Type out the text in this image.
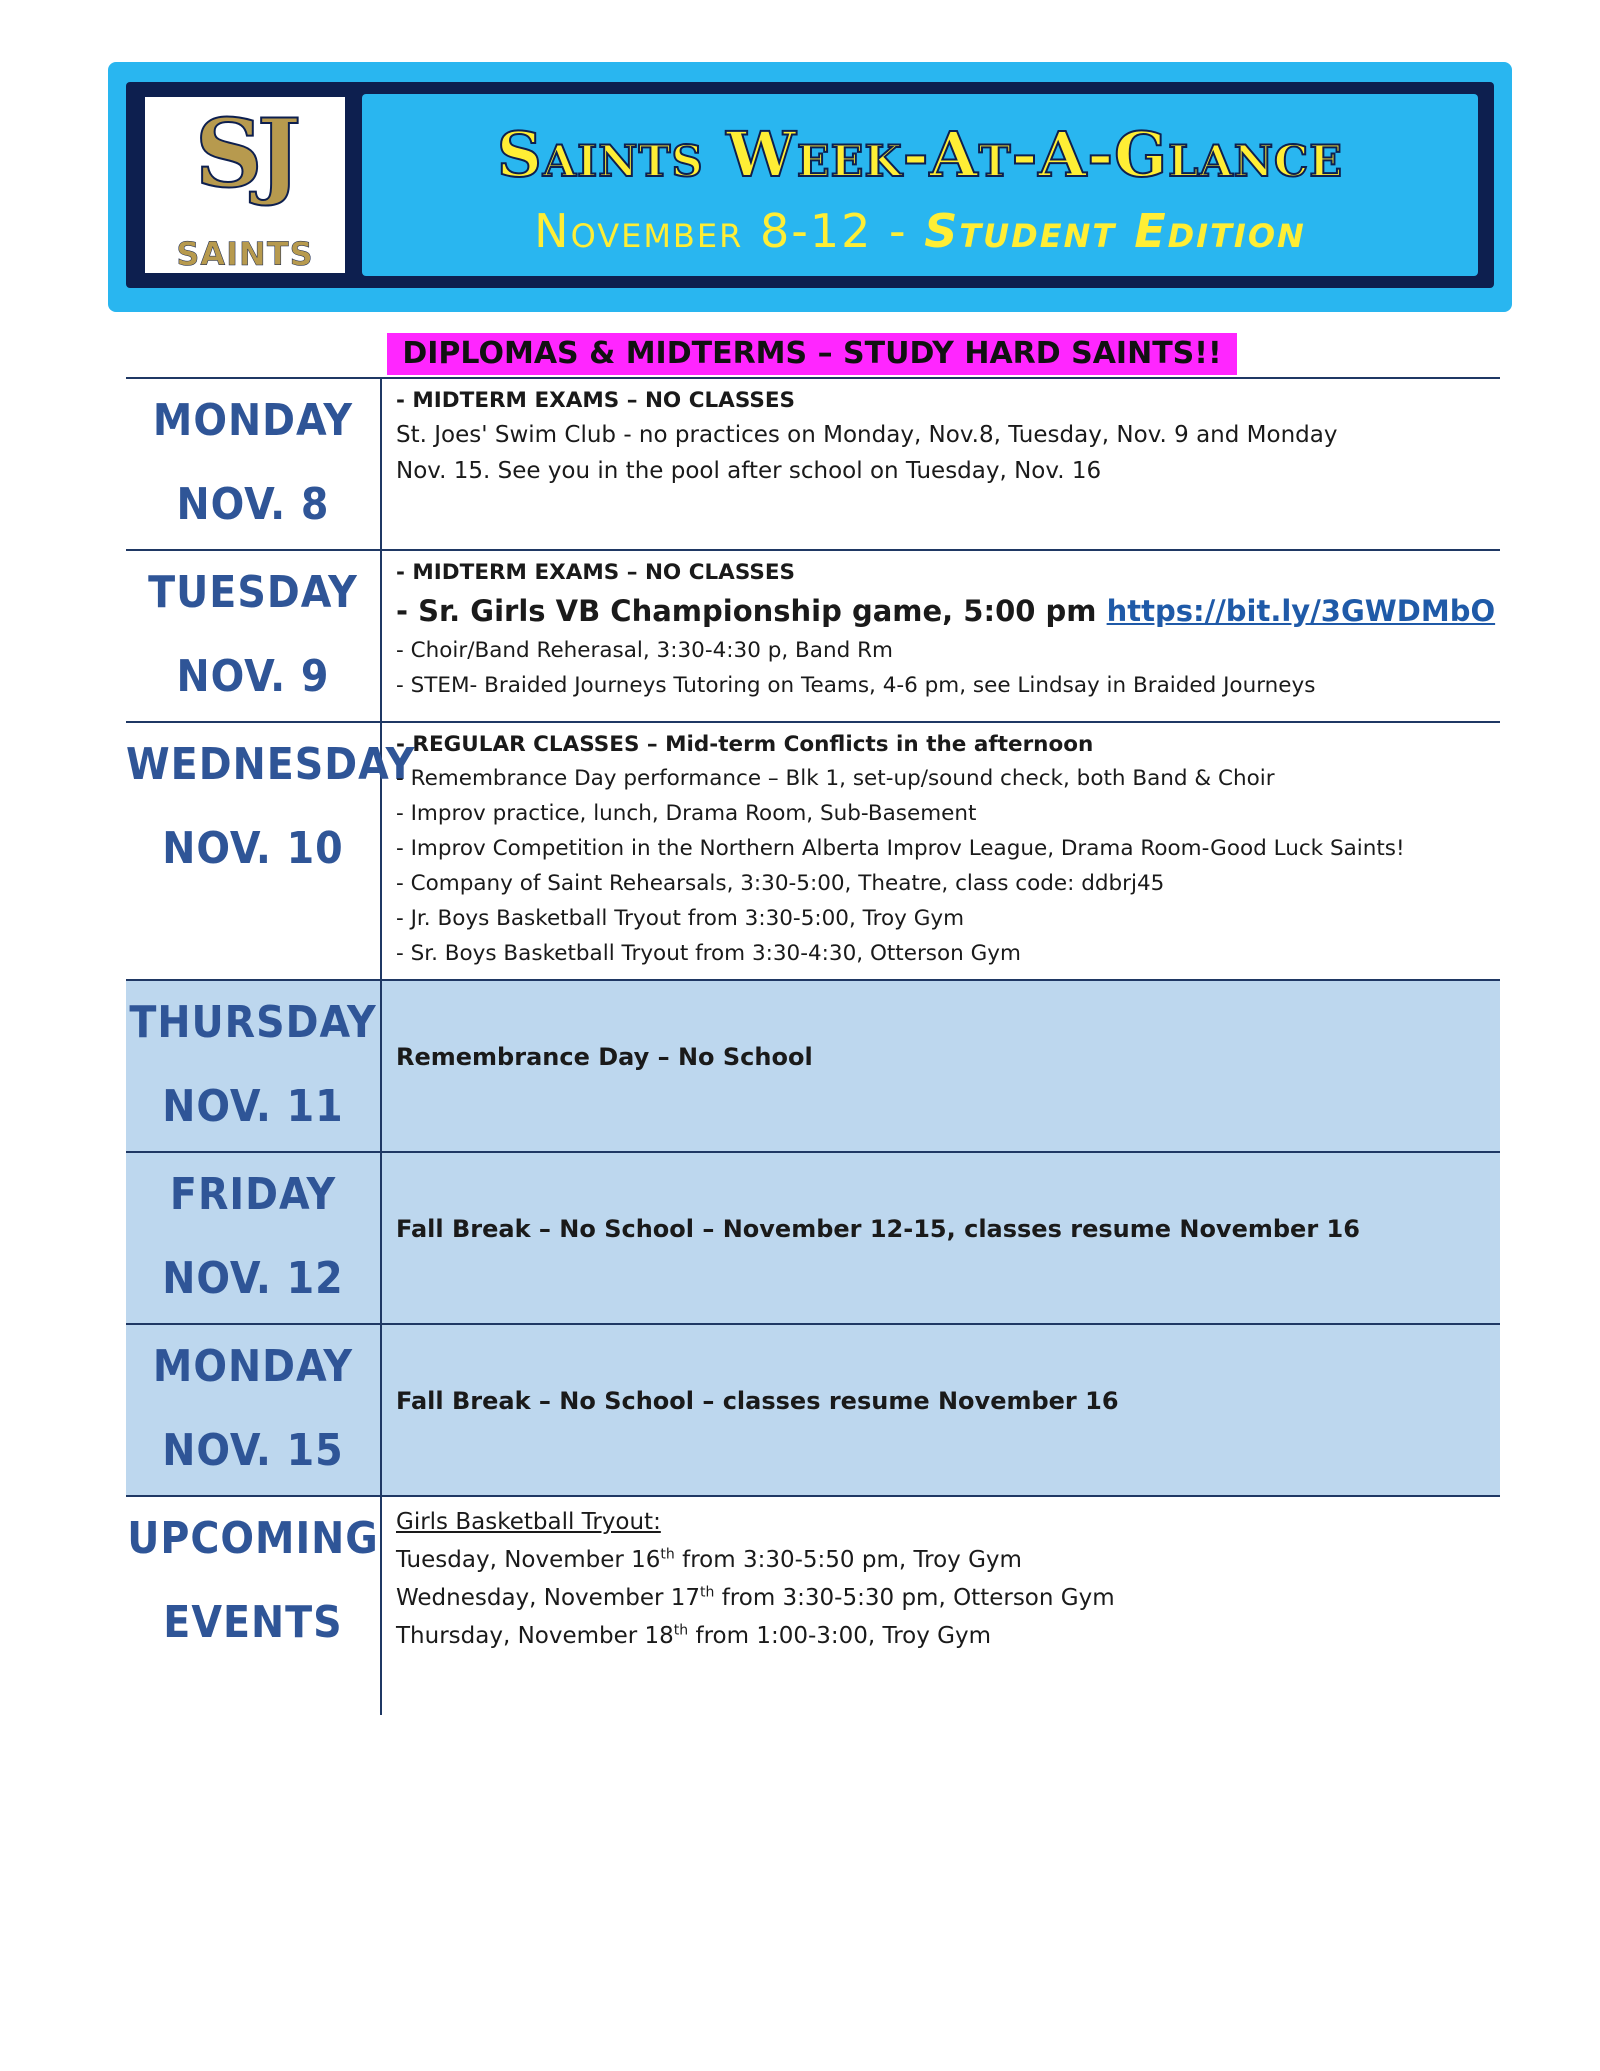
SJ
SAINTS
Saints Week-At-A-Glance
November 8-12 - Student Edition
DIPLOMAS & MIDTERMS – STUDY HARD SAINTS!!
MONDAY
NOV. 8
- MIDTERM EXAMS – NO CLASSES
St. Joes' Swim Club - no practices on Monday, Nov.8, Tuesday, Nov. 9 and Monday
Nov. 15. See you in the pool after school on Tuesday, Nov. 16
TUESDAY
NOV. 9
- MIDTERM EXAMS – NO CLASSES
- Sr. Girls VB Championship game, 5:00 pm https://bit.ly/3GWDMbO
- Choir/Band Reherasal, 3:30-4:30 p, Band Rm
- STEM- Braided Journeys Tutoring on Teams, 4-6 pm, see Lindsay in Braided Journeys
WEDNESDAY
NOV. 10
- REGULAR CLASSES – Mid-term Conflicts in the afternoon
- Remembrance Day performance – Blk 1, set-up/sound check, both Band & Choir
- Improv practice, lunch, Drama Room, Sub-Basement
- Improv Competition in the Northern Alberta Improv League, Drama Room-Good Luck Saints!
- Company of Saint Rehearsals, 3:30-5:00, Theatre, class code: ddbrj45
- Jr. Boys Basketball Tryout from 3:30-5:00, Troy Gym
- Sr. Boys Basketball Tryout from 3:30-4:30, Otterson Gym
THURSDAY
NOV. 11
Remembrance Day – No School
FRIDAY
NOV. 12
Fall Break – No School – November 12-15, classes resume November 16
MONDAY
NOV. 15
Fall Break – No School – classes resume November 16
UPCOMING
EVENTS
Girls Basketball Tryout:
Tuesday, November 16th from 3:30-5:50 pm, Troy Gym
Wednesday, November 17th from 3:30-5:30 pm, Otterson Gym
Thursday, November 18th from 1:00-3:00, Troy Gym
